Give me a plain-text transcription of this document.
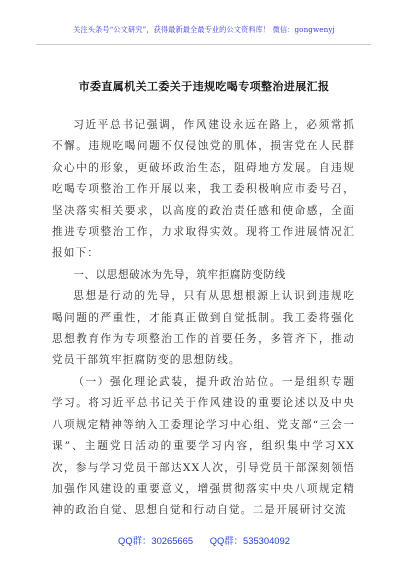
关注头条号“公文研究”，获得最新最全最专业的公文资料库！ 微信：gongwenyj
市委直属机关工委关于违规吃喝专项整治进展汇报

习近平总书记强调，作风建设永远在路上，必须常抓不懈。违规吃喝问题不仅侵蚀党的肌体，损害党在人民群众心中的形象，更破坏政治生态，阻碍地方发展。自违规吃喝专项整治工作开展以来，我工委积极响应市委号召，坚决落实相关要求，以高度的政治责任感和使命感，全面推进专项整治工作，力求取得实效。现将工作进展情况汇报如下：

一、以思想破冰为先导，筑牢拒腐防变防线

思想是行动的先导，只有从思想根源上认识到违规吃喝问题的严重性，才能真正做到自觉抵制。我工委将强化思想教育作为专项整治工作的首要任务，多管齐下，推动党员干部筑牢拒腐防变的思想防线。

（一）强化理论武装，提升政治站位。一是组织专题学习。将习近平总书记关于作风建设的重要论述以及中央八项规定精神等纳入工委理论学习中心组、党支部“三会一课”、主题党日活动的重要学习内容，组织集中学习XX次，参与学习党员干部达XX人次，引导党员干部深刻领悟加强作风建设的重要意义，增强贯彻落实中央八项规定精神的政治自觉、思想自觉和行动自觉。二是开展研讨交流

QQ群：30265665 QQ群：535304092
